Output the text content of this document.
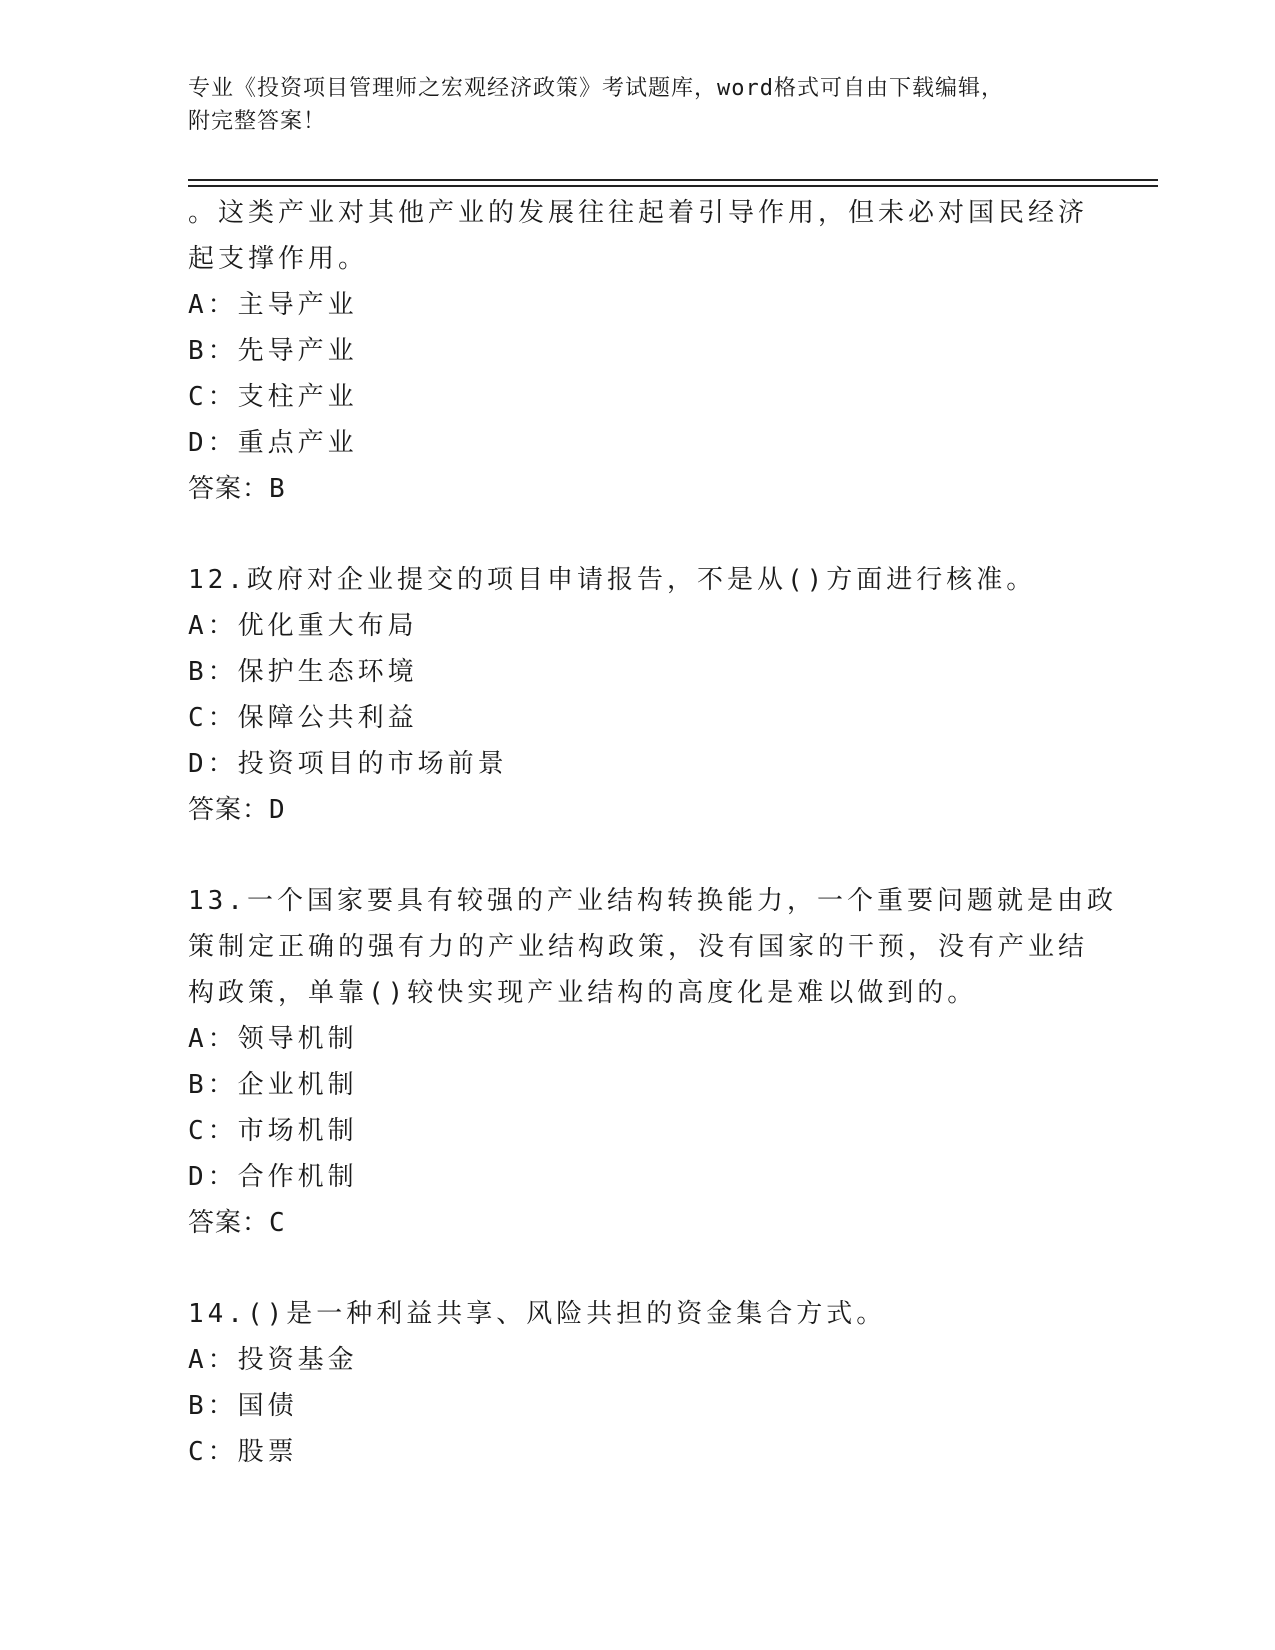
专业《投资项目管理师之宏观经济政策》考试题库，word格式可自由下载编辑，
附完整答案！
。这类产业对其他产业的发展往往起着引导作用，但未必对国民经济
起支撑作用。
A：主导产业
B：先导产业
C：支柱产业
D：重点产业
答案：B
12.政府对企业提交的项目申请报告，不是从()方面进行核准。
A：优化重大布局
B：保护生态环境
C：保障公共利益
D：投资项目的市场前景
答案：D
13.一个国家要具有较强的产业结构转换能力，一个重要问题就是由政
策制定正确的强有力的产业结构政策，没有国家的干预，没有产业结
构政策，单靠()较快实现产业结构的高度化是难以做到的。
A：领导机制
B：企业机制
C：市场机制
D：合作机制
答案：C
14.()是一种利益共享、风险共担的资金集合方式。
A：投资基金
B：国债
C：股票
